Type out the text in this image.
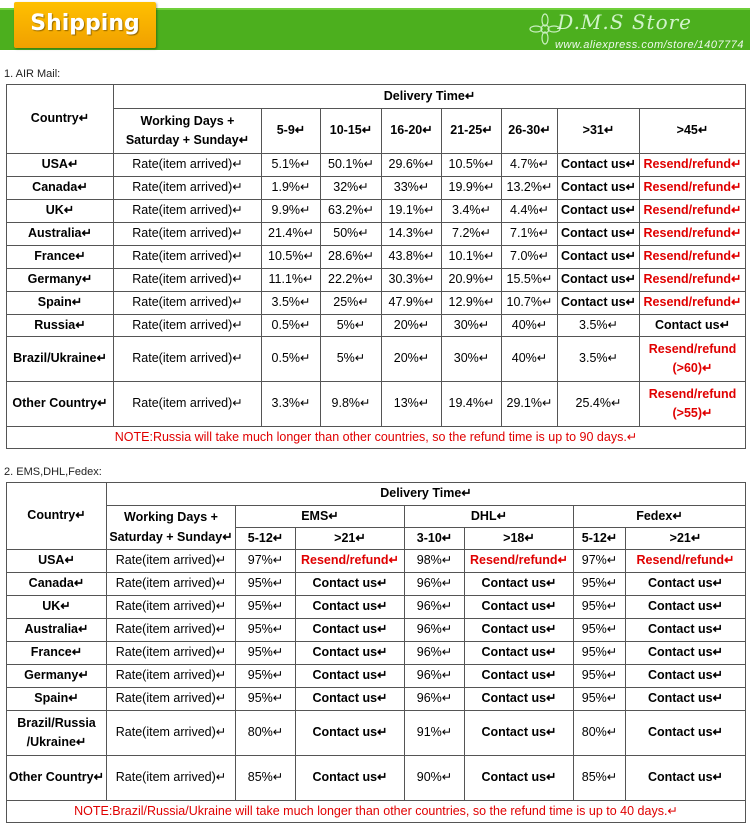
Shipping	D.M.S Store
www.aliexpress.com/store/1407774
1. AIR Mail:
Country↵	Delivery Time↵							
	Working Days + Saturday + Sunday↵	5-9↵	10-15↵	16-20↵	21-25↵	26-30↵	>31↵	>45↵
USA↵	Rate(item arrived)↵	5.1%↵	50.1%↵	29.6%↵	10.5%↵	4.7%↵	Contact us↵	Resend/refund↵
Canada↵	Rate(item arrived)↵	1.9%↵	32%↵	33%↵	19.9%↵	13.2%↵	Contact us↵	Resend/refund↵
UK↵	Rate(item arrived)↵	9.9%↵	63.2%↵	19.1%↵	3.4%↵	4.4%↵	Contact us↵	Resend/refund↵
Australia↵	Rate(item arrived)↵	21.4%↵	50%↵	14.3%↵	7.2%↵	7.1%↵	Contact us↵	Resend/refund↵
France↵	Rate(item arrived)↵	10.5%↵	28.6%↵	43.8%↵	10.1%↵	7.0%↵	Contact us↵	Resend/refund↵
Germany↵	Rate(item arrived)↵	11.1%↵	22.2%↵	30.3%↵	20.9%↵	15.5%↵	Contact us↵	Resend/refund↵
Spain↵	Rate(item arrived)↵	3.5%↵	25%↵	47.9%↵	12.9%↵	10.7%↵	Contact us↵	Resend/refund↵
Russia↵	Rate(item arrived)↵	0.5%↵	5%↵	20%↵	30%↵	40%↵	3.5%↵	Contact us↵
Brazil/Ukraine↵	Rate(item arrived)↵	0.5%↵	5%↵	20%↵	30%↵	40%↵	3.5%↵	Resend/refund (>60)↵
Other Country↵	Rate(item arrived)↵	3.3%↵	9.8%↵	13%↵	19.4%↵	29.1%↵	25.4%↵	Resend/refund (>55)↵
NOTE:Russia will take much longer than other countries, so the refund time is up to 90 days.↵								
2. EMS,DHL,Fedex:
Country↵	Delivery Time↵						
	Working Days + Saturday + Sunday↵	EMS↵		DHL↵		Fedex↵	
		5-12↵	>21↵	3-10↵	>18↵	5-12↵	>21↵
USA↵	Rate(item arrived)↵	97%↵	Resend/refund↵	98%↵	Resend/refund↵	97%↵	Resend/refund↵
Canada↵	Rate(item arrived)↵	95%↵	Contact us↵	96%↵	Contact us↵	95%↵	Contact us↵
UK↵	Rate(item arrived)↵	95%↵	Contact us↵	96%↵	Contact us↵	95%↵	Contact us↵
Australia↵	Rate(item arrived)↵	95%↵	Contact us↵	96%↵	Contact us↵	95%↵	Contact us↵
France↵	Rate(item arrived)↵	95%↵	Contact us↵	96%↵	Contact us↵	95%↵	Contact us↵
Germany↵	Rate(item arrived)↵	95%↵	Contact us↵	96%↵	Contact us↵	95%↵	Contact us↵
Spain↵	Rate(item arrived)↵	95%↵	Contact us↵	96%↵	Contact us↵	95%↵	Contact us↵
Brazil/Russia /Ukraine↵	Rate(item arrived)↵	80%↵	Contact us↵	91%↵	Contact us↵	80%↵	Contact us↵
Other Country↵	Rate(item arrived)↵	85%↵	Contact us↵	90%↵	Contact us↵	85%↵	Contact us↵
NOTE:Brazil/Russia/Ukraine will take much longer than other countries, so the refund time is up to 40 days.↵							
